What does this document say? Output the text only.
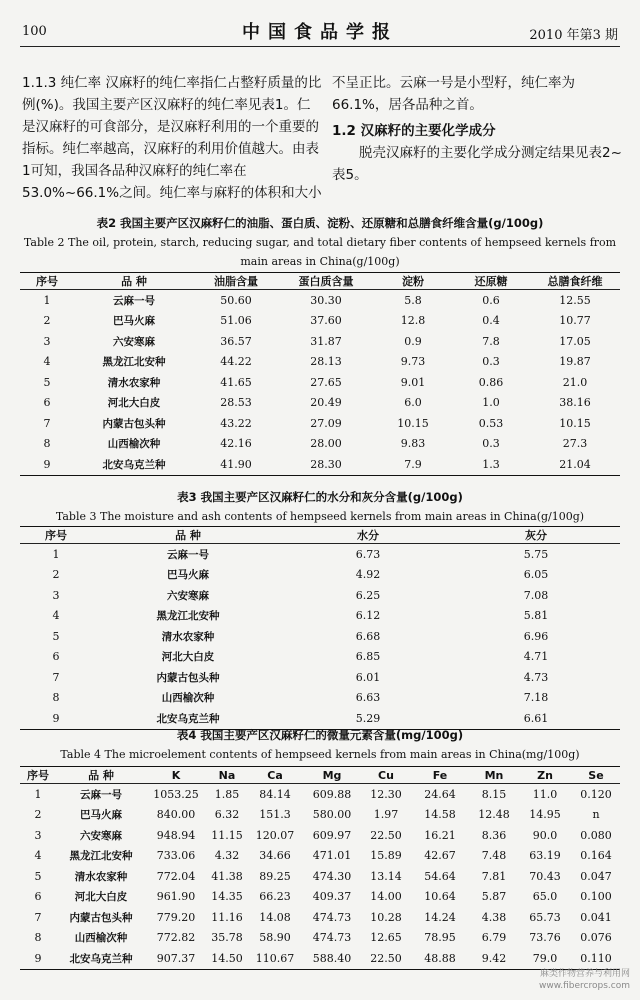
100	中国食品学报	2010 年第3 期

1.1.3 纯仁率 汉麻籽的纯仁率指仁占整籽质量的比例(%)。我国主要产区汉麻籽的纯仁率见表1。仁是汉麻籽的可食部分，是汉麻籽利用的一个重要的指标。纯仁率越高，汉麻籽的利用价值越大。由表1可知，我国各品种汉麻籽的纯仁率在53.0%~66.1%之间。纯仁率与麻籽的体积和大小

不呈正比。云麻一号是小型籽，纯仁率为66.1%，居各品种之首。

1.2 汉麻籽的主要化学成分

脱壳汉麻籽的主要化学成分测定结果见表2~表5。

表2 我国主要产区汉麻籽仁的油脂、蛋白质、淀粉、还原糖和总膳食纤维含量(g/100g)
Table 2 The oil, protein, starch, reducing sugar, and total dietary fiber contents of hempseed kernels from main areas in China(g/100g)
序号	品 种	油脂含量	蛋白质含量	淀粉	还原糖	总膳食纤维
1	云麻一号	50.60	30.30	5.8	0.6	12.55
2	巴马火麻	51.06	37.60	12.8	0.4	10.77
3	六安寒麻	36.57	31.87	0.9	7.8	17.05
4	黑龙江北安种	44.22	28.13	9.73	0.3	19.87
5	清水农家种	41.65	27.65	9.01	0.86	21.0
6	河北大白皮	28.53	20.49	6.0	1.0	38.16
7	内蒙古包头种	43.22	27.09	10.15	0.53	10.15
8	山西榆次种	42.16	28.00	9.83	0.3	27.3
9	北安乌克兰种	41.90	28.30	7.9	1.3	21.04
表3 我国主要产区汉麻籽仁的水分和灰分含量(g/100g)
Table 3 The moisture and ash contents of hempseed kernels from main areas in China(g/100g)
序号	品 种	水分	灰分
1	云麻一号	6.73	5.75
2	巴马火麻	4.92	6.05
3	六安寒麻	6.25	7.08
4	黑龙江北安种	6.12	5.81
5	清水农家种	6.68	6.96
6	河北大白皮	6.85	4.71
7	内蒙古包头种	6.01	4.73
8	山西榆次种	6.63	7.18
9	北安乌克兰种	5.29	6.61
表4 我国主要产区汉麻籽仁的微量元素含量(mg/100g)
Table 4 The microelement contents of hempseed kernels from main areas in China(mg/100g)
序号	品 种	K	Na	Ca	Mg	Cu	Fe	Mn	Zn	Se
1	云麻一号	1053.25	1.85	84.14	609.88	12.30	24.64	8.15	11.0	0.120
2	巴马火麻	840.00	6.32	151.3	580.00	1.97	14.58	12.48	14.95	n
3	六安寒麻	948.94	11.15	120.07	609.97	22.50	16.21	8.36	90.0	0.080
4	黑龙江北安种	733.06	4.32	34.66	471.01	15.89	42.67	7.48	63.19	0.164
5	清水农家种	772.04	41.38	89.25	474.30	13.14	54.64	7.81	70.43	0.047
6	河北大白皮	961.90	14.35	66.23	409.37	14.00	10.64	5.87	65.0	0.100
7	内蒙古包头种	779.20	11.16	14.08	474.73	10.28	14.24	4.38	65.73	0.041
8	山西榆次种	772.82	35.78	58.90	474.73	12.65	78.95	6.79	73.76	0.076
9	北安乌克兰种	907.37	14.50	110.67	588.40	22.50	48.88	9.42	79.0	0.110
麻类作物营养与利用网 www.fibercrops.com
